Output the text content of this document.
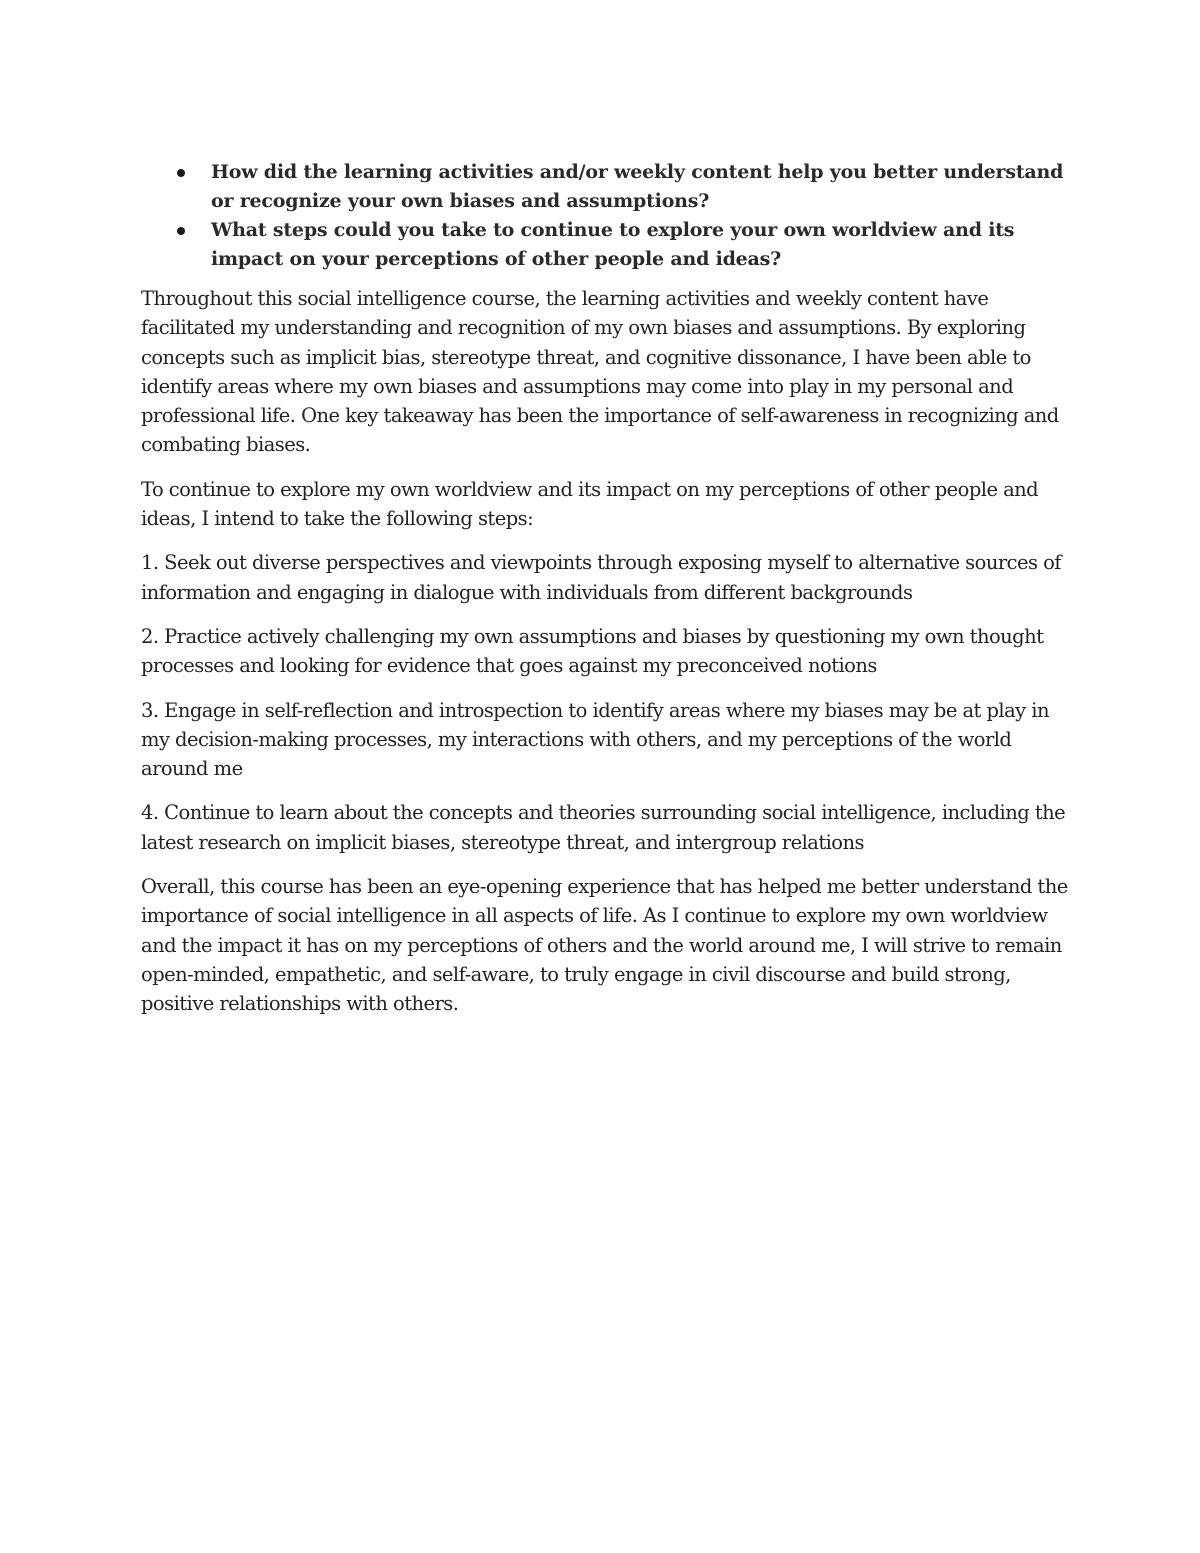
How did the learning activities and/or weekly content help you better understand or recognize your own biases and assumptions?
What steps could you take to continue to explore your own worldview and its impact on your perceptions of other people and ideas?

Throughout this social intelligence course, the learning activities and weekly content have facilitated my understanding and recognition of my own biases and assumptions. By exploring concepts such as implicit bias, stereotype threat, and cognitive dissonance, I have been able to identify areas where my own biases and assumptions may come into play in my personal and professional life. One key takeaway has been the importance of self-awareness in recognizing and combating biases.

To continue to explore my own worldview and its impact on my perceptions of other people and ideas, I intend to take the following steps:

1. Seek out diverse perspectives and viewpoints through exposing myself to alternative sources of information and engaging in dialogue with individuals from different backgrounds

2. Practice actively challenging my own assumptions and biases by questioning my own thought processes and looking for evidence that goes against my preconceived notions

3. Engage in self-reflection and introspection to identify areas where my biases may be at play in my decision-making processes, my interactions with others, and my perceptions of the world around me

4. Continue to learn about the concepts and theories surrounding social intelligence, including the latest research on implicit biases, stereotype threat, and intergroup relations

Overall, this course has been an eye-opening experience that has helped me better understand the importance of social intelligence in all aspects of life. As I continue to explore my own worldview and the impact it has on my perceptions of others and the world around me, I will strive to remain open-minded, empathetic, and self-aware, to truly engage in civil discourse and build strong, positive relationships with others.
